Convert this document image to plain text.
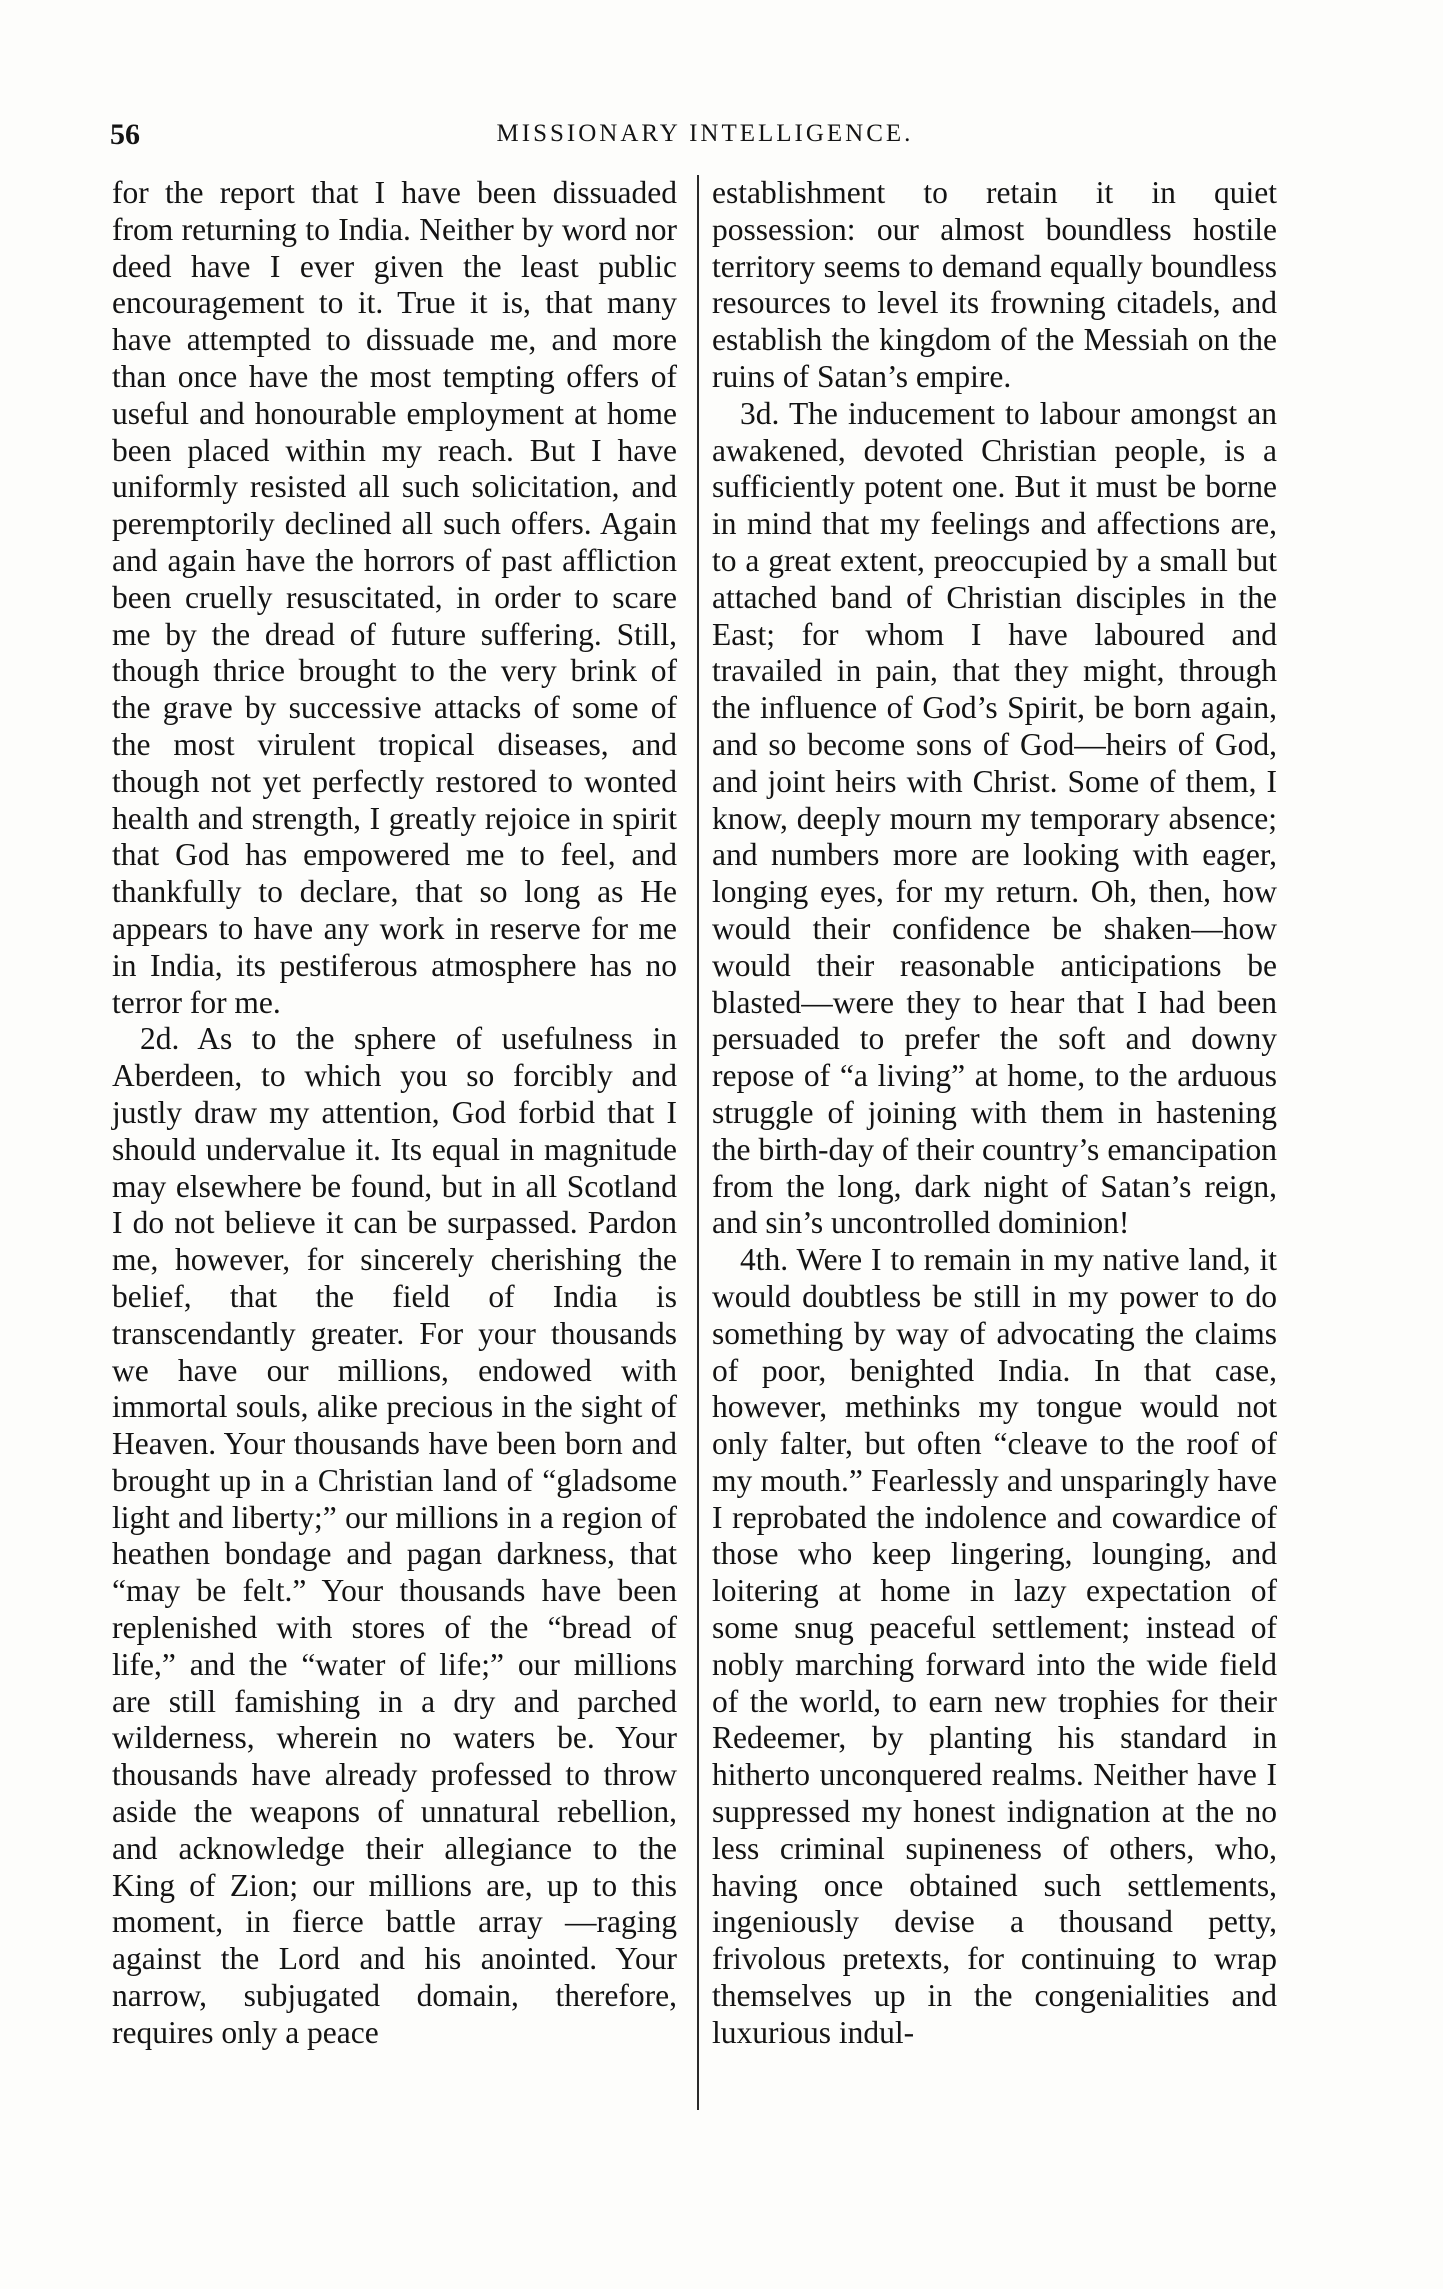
56	MISSIONARY INTELLIGENCE.

for the report that I have been dissuaded from returning to India. Neither by word nor deed have I ever given the least public encouragement to it. True it is, that many have attempted to dissuade me, and more than once have the most tempting offers of useful and honourable employment at home been placed within my reach. But I have uniformly resisted all such solicitation, and peremptorily declined all such offers. Again and again have the horrors of past affliction been cruelly resuscitated, in order to scare me by the dread of future suffering. Still, though thrice brought to the very brink of the grave by successive attacks of some of the most virulent tropical diseases, and though not yet perfectly restored to wonted health and strength, I greatly rejoice in spirit that God has empowered me to feel, and thankfully to declare, that so long as He appears to have any work in reserve for me in India, its pestiferous atmosphere has no terror for me.

2d. As to the sphere of usefulness in Aberdeen, to which you so forcibly and justly draw my attention, God forbid that I should undervalue it. Its equal in magnitude may elsewhere be found, but in all Scotland I do not believe it can be surpassed. Pardon me, however, for sincerely cherishing the belief, that the field of India is transcendantly greater. For your thousands we have our millions, endowed with immortal souls, alike precious in the sight of Heaven. Your thousands have been born and brought up in a Christian land of “gladsome light and liberty;” our millions in a region of heathen bondage and pagan darkness, that “may be felt.” Your thousands have been replenished with stores of the “bread of life,” and the “water of life;” our millions are still famishing in a dry and parched wilderness, wherein no waters be. Your thousands have already professed to throw aside the weapons of unnatural rebellion, and acknowledge their allegiance to the King of Zion; our millions are, up to this moment, in fierce battle array —raging against the Lord and his anointed. Your narrow, subjugated domain, therefore, requires only a peace

establishment to retain it in quiet possession: our almost boundless hostile territory seems to demand equally boundless resources to level its frowning citadels, and establish the kingdom of the Messiah on the ruins of Satan’s empire.

3d. The inducement to labour amongst an awakened, devoted Christian people, is a sufficiently potent one. But it must be borne in mind that my feelings and affections are, to a great extent, preoccupied by a small but attached band of Christian disciples in the East; for whom I have laboured and travailed in pain, that they might, through the influence of God’s Spirit, be born again, and so become sons of God—heirs of God, and joint heirs with Christ. Some of them, I know, deeply mourn my temporary absence; and numbers more are looking with eager, longing eyes, for my return. Oh, then, how would their confidence be shaken—how would their reasonable anticipations be blasted—were they to hear that I had been persuaded to prefer the soft and downy repose of “a living” at home, to the arduous struggle of joining with them in hastening the birth-day of their country’s emancipation from the long, dark night of Satan’s reign, and sin’s uncontrolled dominion!

4th. Were I to remain in my native land, it would doubtless be still in my power to do something by way of advocating the claims of poor, benighted India. In that case, however, methinks my tongue would not only falter, but often “cleave to the roof of my mouth.” Fearlessly and unsparingly have I reprobated the indolence and cowardice of those who keep lingering, lounging, and loitering at home in lazy expectation of some snug peaceful settlement; instead of nobly marching forward into the wide field of the world, to earn new trophies for their Redeemer, by planting his standard in hitherto unconquered realms. Neither have I suppressed my honest indignation at the no less criminal supineness of others, who, having once obtained such settlements, ingeniously devise a thousand petty, frivolous pretexts, for continuing to wrap themselves up in the congenialities and luxurious indul-
